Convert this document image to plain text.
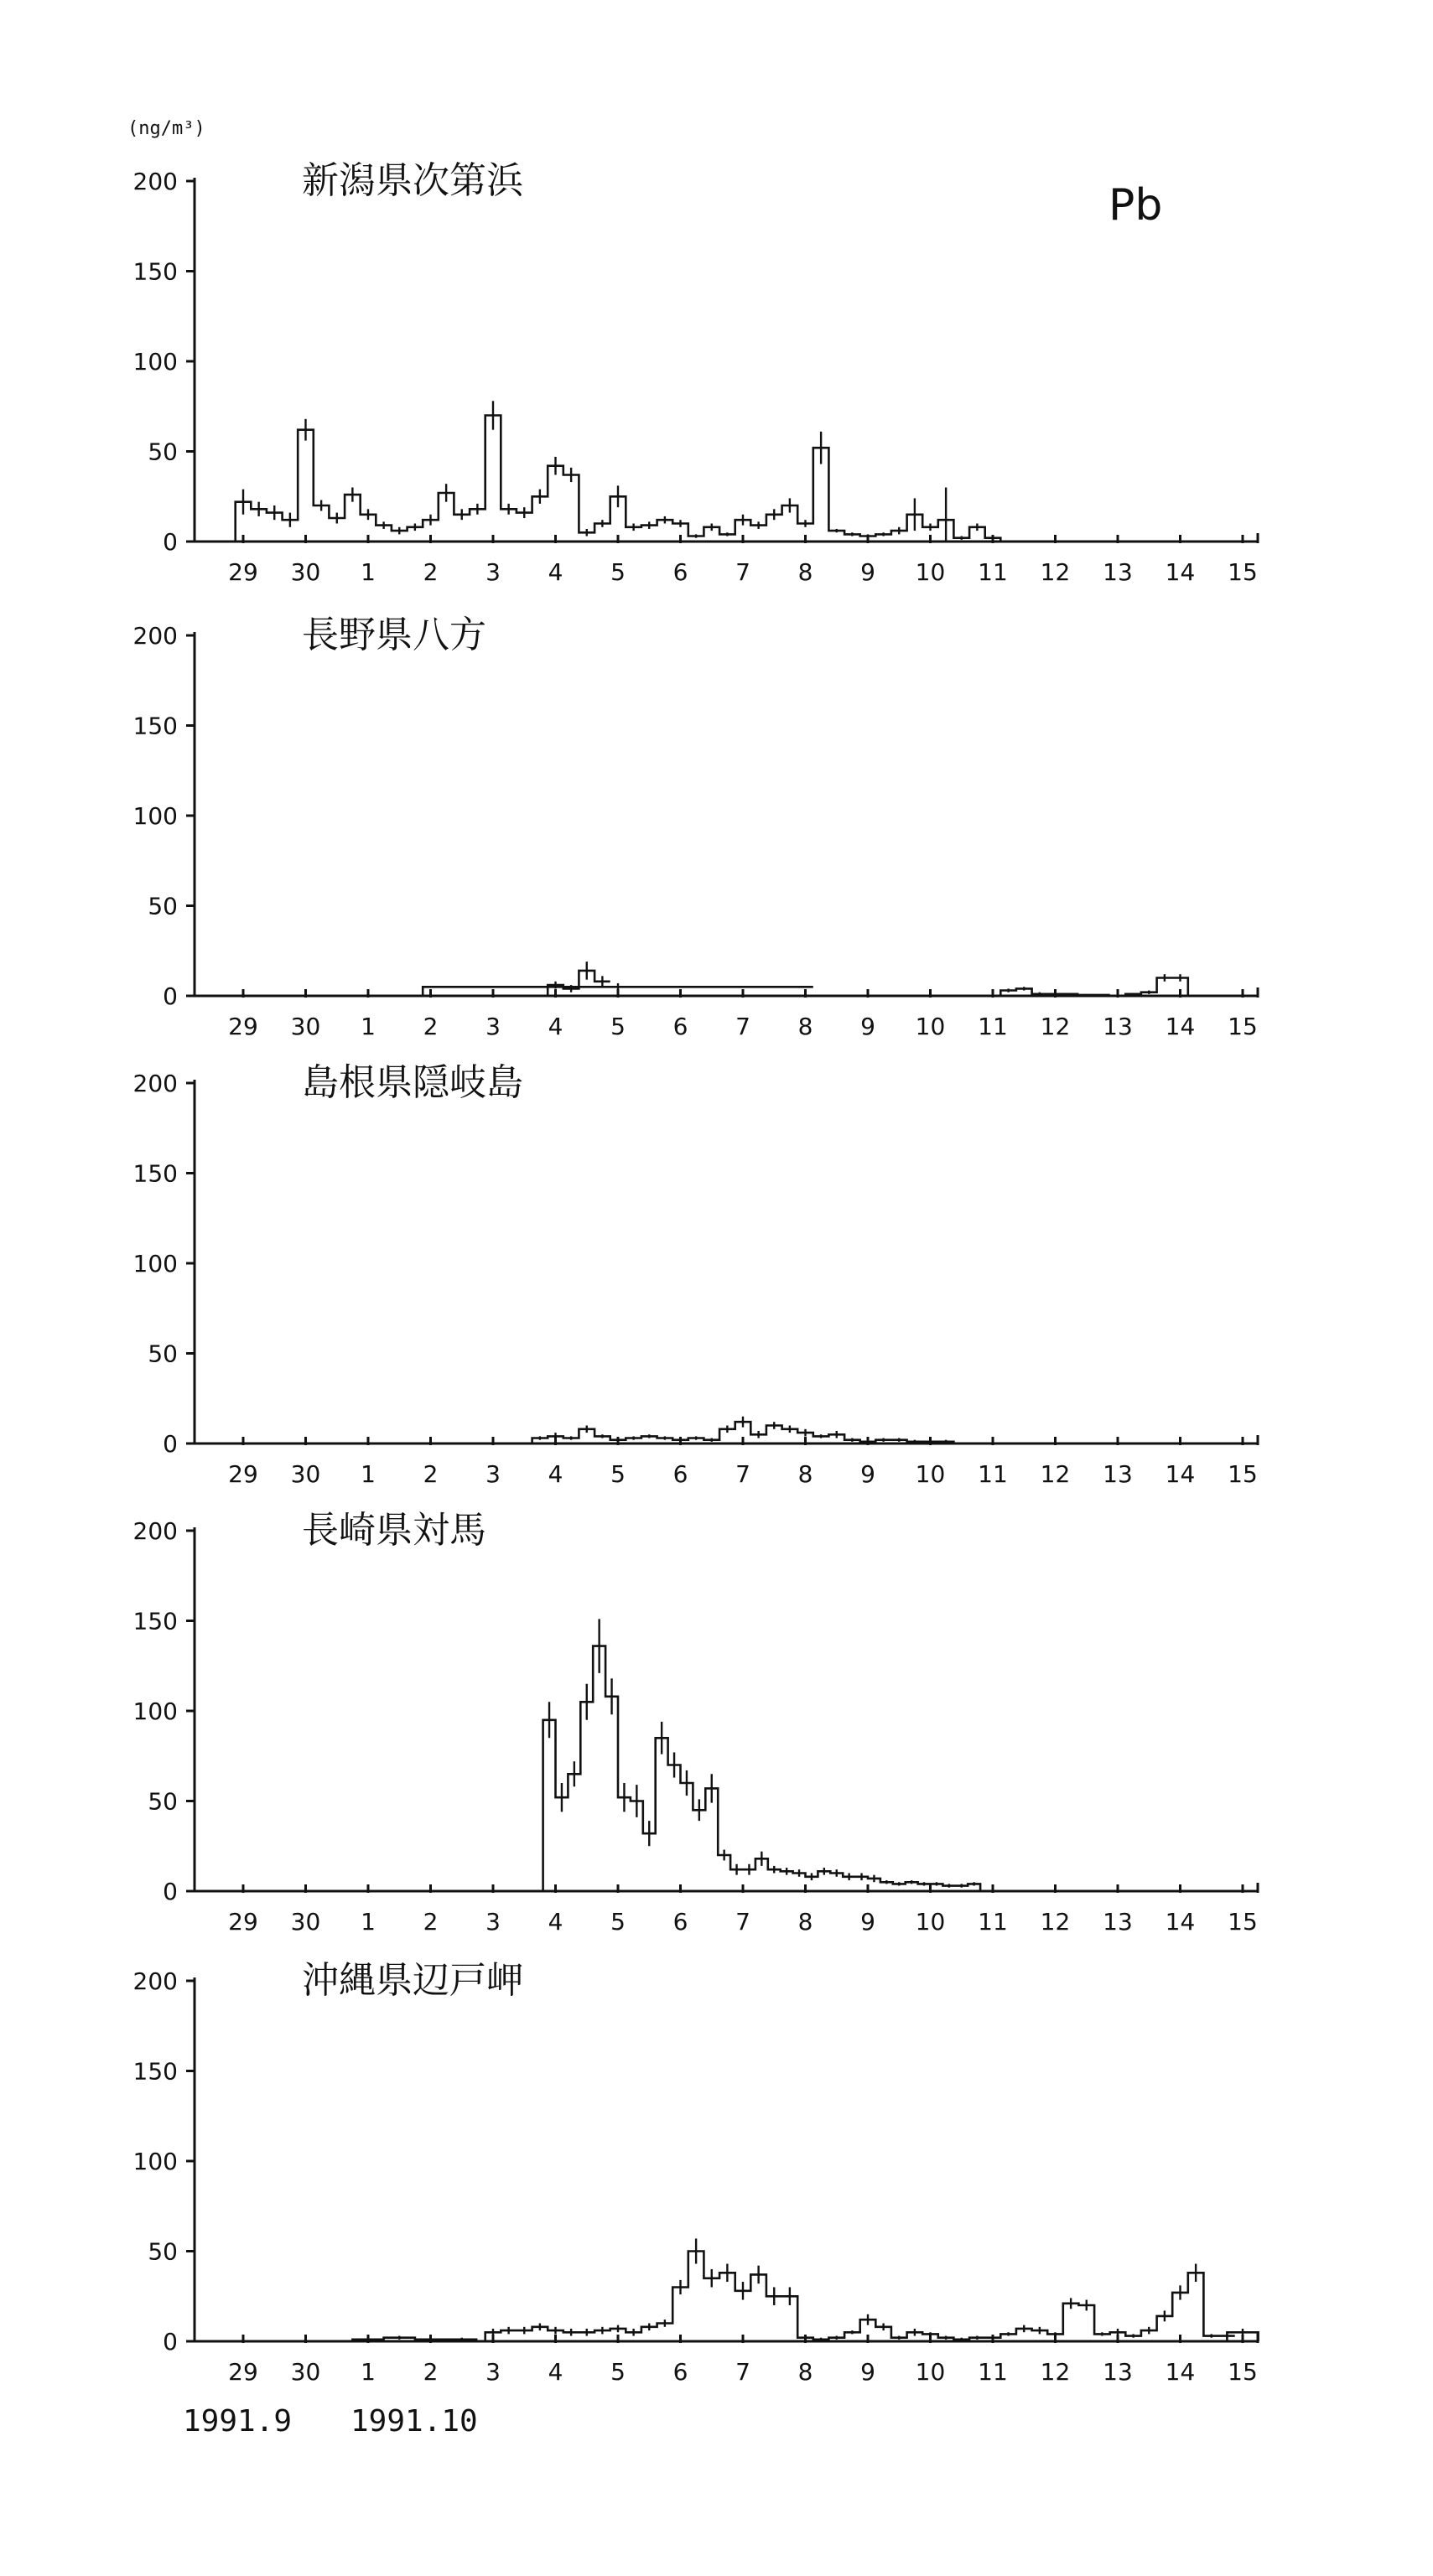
(ng/m³)
Pb
新潟県次第浜
0
50
100
150
200
29 30 1 2 3 4 5 6 7 8 9 10 11 12 13 14 15
長野県八方
0
50
100
150
200
29 30 1 2 3 4 5 6 7 8 9 10 11 12 13 14 15
島根県隠岐島
0
50
100
150
200
29 30 1 2 3 4 5 6 7 8 9 10 11 12 13 14 15
長崎県対馬
0
50
100
150
200
29 30 1 2 3 4 5 6 7 8 9 10 11 12 13 14 15
沖縄県辺戸岬
0
50
100
150
200
29 30 1 2 3 4 5 6 7 8 9 10 11 12 13 14 15
1991.9 1991.10
